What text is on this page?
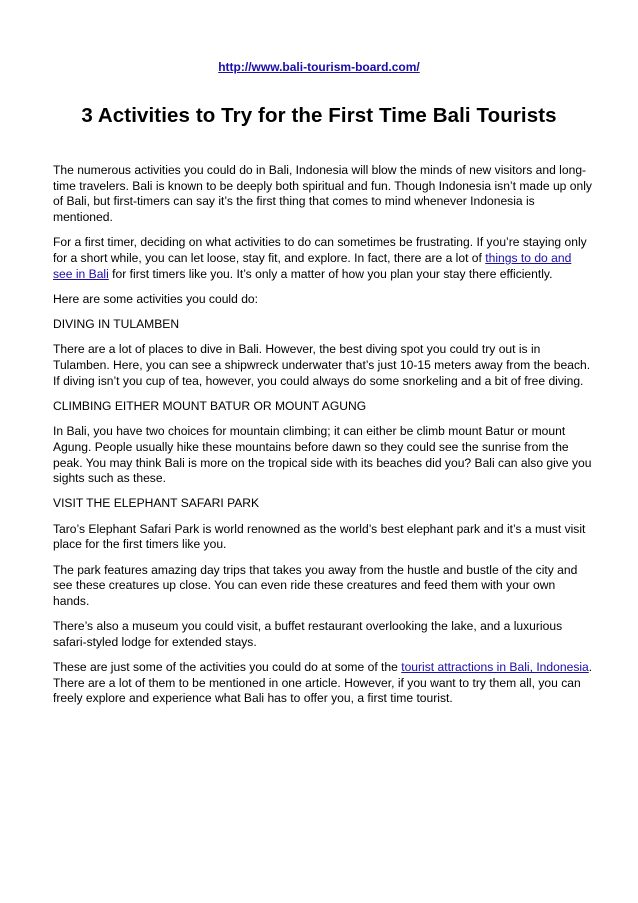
http://www.bali-tourism-board.com/
3 Activities to Try for the First Time Bali Tourists

The numerous activities you could do in Bali, Indonesia will blow the minds of new visitors and long-time travelers. Bali is known to be deeply both spiritual and fun. Though Indonesia isn’t made up only of Bali, but first-timers can say it’s the first thing that comes to mind whenever Indonesia is mentioned.

For a first timer, deciding on what activities to do can sometimes be frustrating. If you’re staying only for a short while, you can let loose, stay fit, and explore. In fact, there are a lot of things to do and see in Bali for first timers like you. It’s only a matter of how you plan your stay there efficiently.

Here are some activities you could do:

DIVING IN TULAMBEN

There are a lot of places to dive in Bali. However, the best diving spot you could try out is in Tulamben. Here, you can see a shipwreck underwater that’s just 10-15 meters away from the beach. If diving isn’t you cup of tea, however, you could always do some snorkeling and a bit of free diving.

CLIMBING EITHER MOUNT BATUR OR MOUNT AGUNG

In Bali, you have two choices for mountain climbing; it can either be climb mount Batur or mount Agung. People usually hike these mountains before dawn so they could see the sunrise from the peak. You may think Bali is more on the tropical side with its beaches did you? Bali can also give you sights such as these.

VISIT THE ELEPHANT SAFARI PARK

Taro’s Elephant Safari Park is world renowned as the world’s best elephant park and it’s a must visit place for the first timers like you.

The park features amazing day trips that takes you away from the hustle and bustle of the city and see these creatures up close. You can even ride these creatures and feed them with your own hands.

There’s also a museum you could visit, a buffet restaurant overlooking the lake, and a luxurious safari-styled lodge for extended stays.

These are just some of the activities you could do at some of the tourist attractions in Bali, Indonesia. There are a lot of them to be mentioned in one article. However, if you want to try them all, you can freely explore and experience what Bali has to offer you, a first time tourist.
